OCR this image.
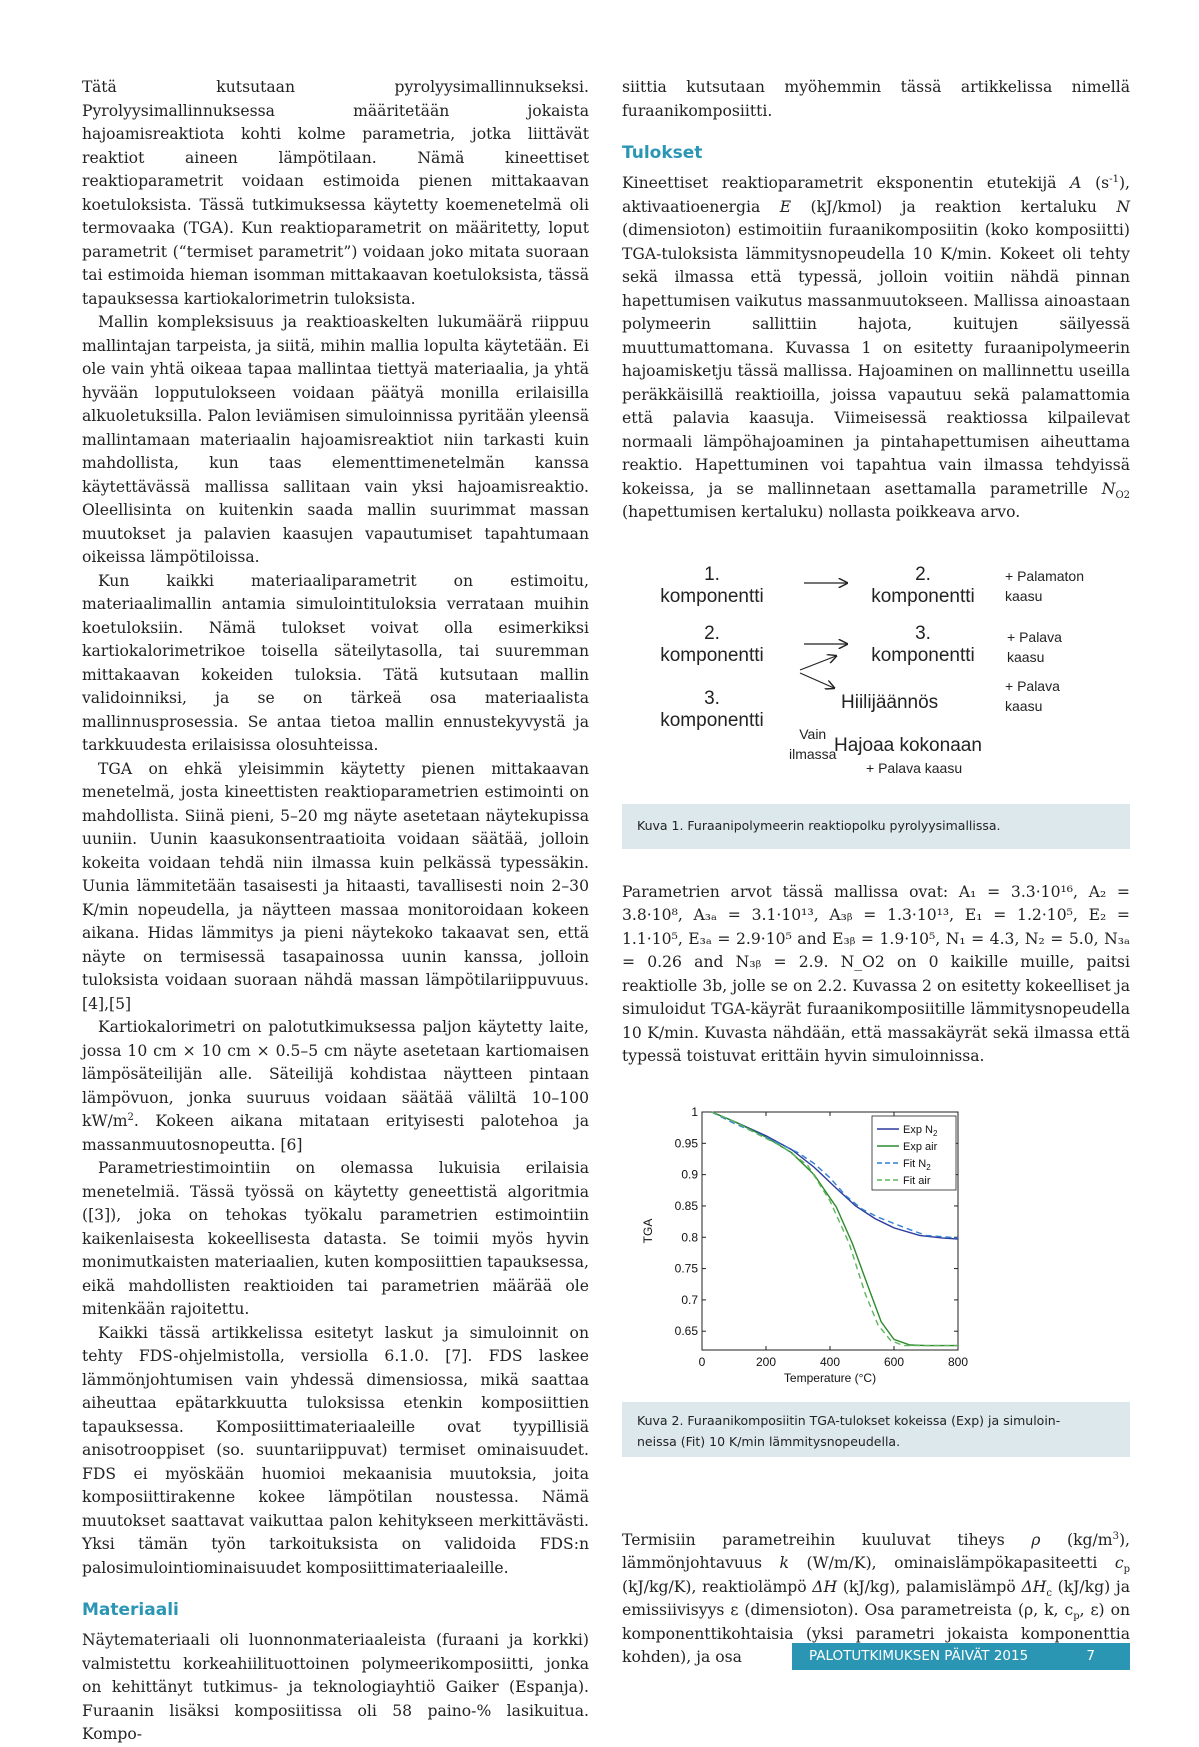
Tätä kutsutaan pyrolyysimallinnukseksi. Pyrolyysimallinnuksessa määritetään jokaista hajoamisreaktiota kohti kolme parametria, jotka liittävät reaktiot aineen lämpötilaan. Nämä kineettiset reaktioparametrit voidaan estimoida pienen mittakaavan koetuloksista. Tässä tutkimuksessa käytetty koemenetelmä oli termovaaka (TGA). Kun reaktioparametrit on määritetty, loput parametrit (“termiset parametrit”) voidaan joko mitata suoraan tai estimoida hieman isomman mittakaavan koetuloksista, tässä tapauksessa kartiokalorimetrin tuloksista.

Mallin kompleksisuus ja reaktioaskelten lukumäärä riippuu mallintajan tarpeista, ja siitä, mihin mallia lopulta käytetään. Ei ole vain yhtä oikeaa tapaa mallintaa tiettyä materiaalia, ja yhtä hyvään lopputulokseen voidaan päätyä monilla erilaisilla alkuoletuksilla. Palon leviämisen simuloinnissa pyritään yleensä mallintamaan materiaalin hajoamisreaktiot niin tarkasti kuin mahdollista, kun taas elementtimenetelmän kanssa käytettävässä mallissa sallitaan vain yksi hajoamisreaktio. Oleellisinta on kuitenkin saada mallin suurimmat massan muutokset ja palavien kaasujen vapautumiset tapahtumaan oikeissa lämpötiloissa.

Kun kaikki materiaaliparametrit on estimoitu, materiaalimallin antamia simulointituloksia verrataan muihin koetuloksiin. Nämä tulokset voivat olla esimerkiksi kartiokalorimetrikoe toisella säteilytasolla, tai suuremman mittakaavan kokeiden tuloksia. Tätä kutsutaan mallin validoinniksi, ja se on tärkeä osa materiaalista mallinnusprosessia. Se antaa tietoa mallin ennustekyvystä ja tarkkuudesta erilaisissa olosuhteissa.

TGA on ehkä yleisimmin käytetty pienen mittakaavan menetelmä, josta kineettisten reaktioparametrien estimointi on mahdollista. Siinä pieni, 5–20 mg näyte asetetaan näytekupissa uuniin. Uunin kaasukonsentraatioita voidaan säätää, jolloin kokeita voidaan tehdä niin ilmassa kuin pelkässä typessäkin. Uunia lämmitetään tasaisesti ja hitaasti, tavallisesti noin 2–30 K/min nopeudella, ja näytteen massaa monitoroidaan kokeen aikana. Hidas lämmitys ja pieni näytekoko takaavat sen, että näyte on termisessä tasapainossa uunin kanssa, jolloin tuloksista voidaan suoraan nähdä massan lämpötilariippuvuus. [4],[5]

Kartiokalorimetri on palotutkimuksessa paljon käytetty laite, jossa 10 cm × 10 cm × 0.5–5 cm näyte asetetaan kartiomaisen lämpösäteilijän alle. Säteilijä kohdistaa näytteen pintaan lämpövuon, jonka suuruus voidaan säätää väliltä 10–100 $kW/m^2$. Kokeen aikana mitataan erityisesti palotehoa ja massanmuutosnopeutta. [6]

Parametriestimointiin on olemassa lukuisia erilaisia menetelmiä. Tässä työssä on käytetty geneettistä algoritmia ([3]), joka on tehokas työkalu parametrien estimointiin kaikenlaisesta kokeellisesta datasta. Se toimii myös hyvin monimutkaisten materiaalien, kuten komposiittien tapauksessa, eikä mahdollisten reaktioiden tai parametrien määrää ole mitenkään rajoitettu.

Kaikki tässä artikkelissa esitetyt laskut ja simuloinnit on tehty FDS-ohjelmistolla, versiolla 6.1.0. [7]. FDS laskee lämmönjohtumisen vain yhdessä dimensiossa, mikä saattaa aiheuttaa epätarkkuutta tuloksissa etenkin komposiittien tapauksessa. Komposiittimateriaaleille ovat tyypillisiä anisotrooppiset (so. suuntariippuvat) termiset ominaisuudet. FDS ei myöskään huomioi mekaanisia muutoksia, joita komposiittirakenne kokee lämpötilan noustessa. Nämä muutokset saattavat vaikuttaa palon kehitykseen merkittävästi. Yksi tämän työn tarkoituksista on validoida FDS:n palosimulointiominaisuudet komposiittimateriaaleille.

Materiaali

Näytemateriaali oli luonnonmateriaaleista (furaani ja korkki) valmistettu korkeahiilituottoinen polymeerikomposiitti, jonka on kehittänyt tutkimus- ja teknologiayhtiö Gaiker (Espanja). Furaanin lisäksi komposiitissa oli 58 paino-% lasikuitua. Kompo-

siittia kutsutaan myöhemmin tässä artikkelissa nimellä furaanikomposiitti.

Tulokset

Kineettiset reaktioparametrit eksponentin etutekijä A $(s^{-1})$, aktivaatioenergia E (kJ/kmol) ja reaktion kertaluku N (dimensioton) estimoitiin furaanikomposiitin (koko komposiitti) TGA-tuloksista lämmitysnopeudella 10 K/min. Kokeet oli tehty sekä ilmassa että typessä, jolloin voitiin nähdä pinnan hapettumisen vaikutus massanmuutokseen. Mallissa ainoastaan polymeerin sallittiin hajota, kuitujen säilyessä muuttumattomana. Kuvassa 1 on esitetty furaanipolymeerin hajoamisketju tässä mallissa. Hajoaminen on mallinnettu useilla peräkkäisillä reaktioilla, joissa vapautuu sekä palamattomia että palavia kaasuja. Viimeisessä reaktiossa kilpailevat normaali lämpöhajoaminen ja pintahapettumisen aiheuttama reaktio. Hapettuminen voi tapahtua vain ilmassa tehdyissä kokeissa, ja se mallinnetaan asettamalla parametrille $N_{O2}$ (hapettumisen kertaluku) nollasta poikkeava arvo.

Parametrien arvot tässä mallissa ovat: A₁ = 3.3·10¹⁶, A₂ = 3.8·10⁸, A₃ₐ = 3.1·10¹³, A₃ᵦ = 1.3·10¹³, E₁ = 1.2·10⁵, E₂ = 1.1·10⁵, E₃ₐ = 2.9·10⁵ and E₃ᵦ = 1.9·10⁵, N₁ = 4.3, N₂ = 5.0, N₃ₐ = 0.26 and N₃ᵦ = 2.9. N_O2 on 0 kaikille muille, paitsi reaktiolle 3b, jolle se on 2.2. Kuvassa 2 on esitetty kokeelliset ja simuloidut TGA-käyrät furaanikomposiitille lämmitysnopeudella 10 K/min. Kuvasta nähdään, että massakäyrät sekä ilmassa että typessä toistuvat erittäin hyvin simuloinnissa.

Termisiin parametreihin kuuluvat tiheys ρ $(kg/m^3)$, lämmönjohtavuus k (W/m/K), ominaislämpökapasiteetti $c_p$ (kJ/kg/K), reaktiolämpö ΔH (kJ/kg), palamislämpö $\Delta H_c$ (kJ/kg) ja emissiivisyys ε (dimensioton). Osa parametreista (ρ, k, $c_p$, ε) on komponenttikohtaisia (yksi parametri jokaista komponenttia kohden), ja osa

1.
komponentti
2.
komponentti
+ Palamaton
kaasu
2.
komponentti
3.
komponentti
+ Palava
kaasu
3.
komponentti
Hiilijäännös
+ Palava
kaasu
Vain
ilmassa
Hajoaa kokonaan
+ Palava kaasu
Kuva 1. Furaanipolymeerin reaktiopolku pyrolyysimallissa.
0	200	400	600	800
0.65
0.7
0.75
0.8
0.85
0.9
0.95
1
Temperature (°C)
TGA
Exp $N_2$
Exp air
Fit $N_2$
Fit air
Kuva 2. Furaanikomposiitin TGA-tulokset kokeissa (Exp) ja simuloin-
neissa (Fit) 10 K/min lämmitysnopeudella.
PALOTUTKIMUKSEN PÄIVÄT 2015	7
